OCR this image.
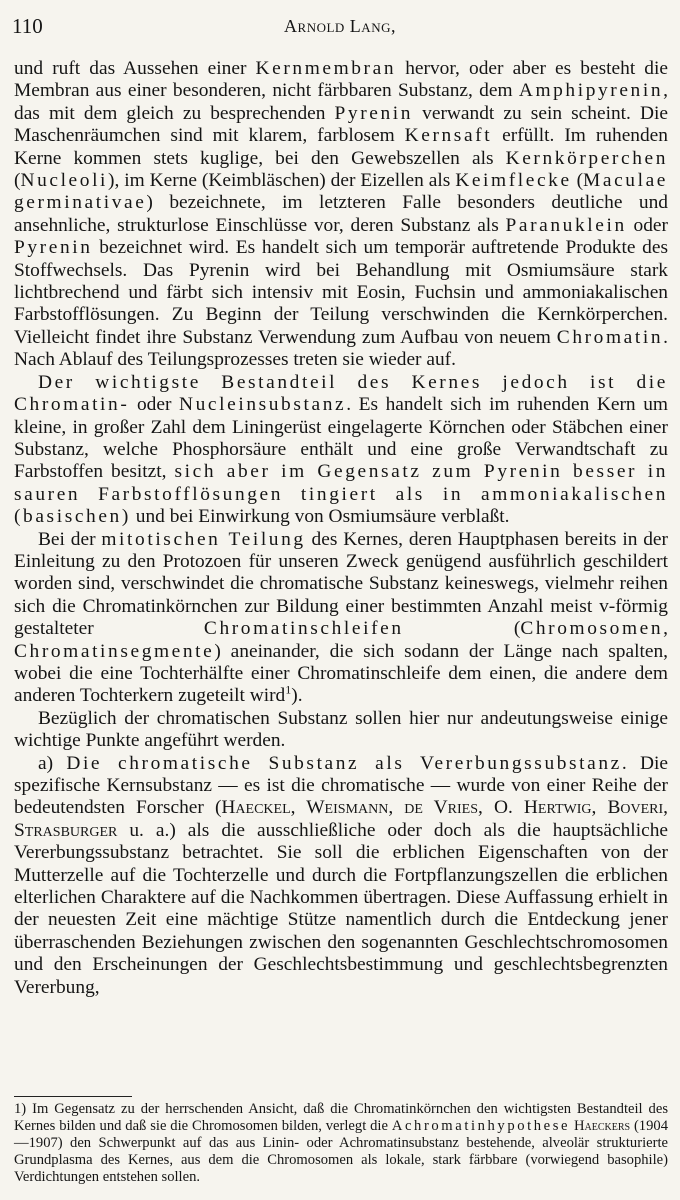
110	Arnold Lang,

und ruft das Aussehen einer Kernmembran hervor, oder aber es besteht die Membran aus einer besonderen, nicht färbbaren Substanz, dem Amphipyrenin, das mit dem gleich zu besprechenden Pyrenin verwandt zu sein scheint. Die Maschenräumchen sind mit klarem, farblosem Kernsaft erfüllt. Im ruhenden Kerne kommen stets kuglige, bei den Gewebszellen als Kernkörperchen (Nucleoli), im Kerne (Keimbläschen) der Eizellen als Keimflecke (Maculae germinativae) bezeichnete, im letzteren Falle besonders deutliche und ansehnliche, strukturlose Einschlüsse vor, deren Substanz als Paranuklein oder Pyrenin bezeichnet wird. Es handelt sich um temporär auftretende Produkte des Stoffwechsels. Das Pyrenin wird bei Behandlung mit Osmiumsäure stark lichtbrechend und färbt sich intensiv mit Eosin, Fuchsin und ammoniakalischen Farbstofflösungen. Zu Beginn der Teilung verschwinden die Kernkörperchen. Vielleicht findet ihre Substanz Verwendung zum Aufbau von neuem Chromatin. Nach Ablauf des Teilungsprozesses treten sie wieder auf.

Der wichtigste Bestandteil des Kernes jedoch ist die Chromatin- oder Nucleinsubstanz. Es handelt sich im ruhenden Kern um kleine, in großer Zahl dem Liningerüst eingelagerte Körnchen oder Stäbchen einer Substanz, welche Phosphorsäure enthält und eine große Verwandtschaft zu Farbstoffen besitzt, sich aber im Gegensatz zum Pyrenin besser in sauren Farbstofflösungen tingiert als in ammoniakalischen (basischen) und bei Einwirkung von Osmiumsäure verblaßt.

Bei der mitotischen Teilung des Kernes, deren Hauptphasen bereits in der Einleitung zu den Protozoen für unseren Zweck genügend ausführlich geschildert worden sind, verschwindet die chromatische Substanz keineswegs, vielmehr reihen sich die Chromatinkörnchen zur Bildung einer bestimmten Anzahl meist v-förmig gestalteter Chromatinschleifen (Chromosomen, Chromatinsegmente) aneinander, die sich sodann der Länge nach spalten, wobei die eine Tochterhälfte einer Chromatinschleife dem einen, die andere dem anderen Tochterkern zugeteilt wird$^1$).

Bezüglich der chromatischen Substanz sollen hier nur andeutungsweise einige wichtige Punkte angeführt werden.

a) Die chromatische Substanz als Vererbungssubstanz. Die spezifische Kernsubstanz — es ist die chromatische — wurde von einer Reihe der bedeutendsten Forscher (Haeckel, Weismann, de Vries, O. Hertwig, Boveri, Strasburger u. a.) als die ausschließliche oder doch als die hauptsächliche Vererbungssubstanz betrachtet. Sie soll die erblichen Eigenschaften von der Mutterzelle auf die Tochterzelle und durch die Fortpflanzungszellen die erblichen elterlichen Charaktere auf die Nachkommen übertragen. Diese Auffassung erhielt in der neuesten Zeit eine mächtige Stütze namentlich durch die Entdeckung jener überraschenden Beziehungen zwischen den sogenannten Geschlechtschromosomen und den Erscheinungen der Geschlechtsbestimmung und geschlechtsbegrenzten Vererbung,

1) Im Gegensatz zu der herrschenden Ansicht, daß die Chromatinkörnchen den wichtigsten Bestandteil des Kernes bilden und daß sie die Chromosomen bilden, verlegt die Achromatinhypothese Haeckers (1904—1907) den Schwerpunkt auf das aus Linin- oder Achromatinsubstanz bestehende, alveolär strukturierte Grundplasma des Kernes, aus dem die Chromosomen als lokale, stark färbbare (vorwiegend basophile) Verdichtungen entstehen sollen.
